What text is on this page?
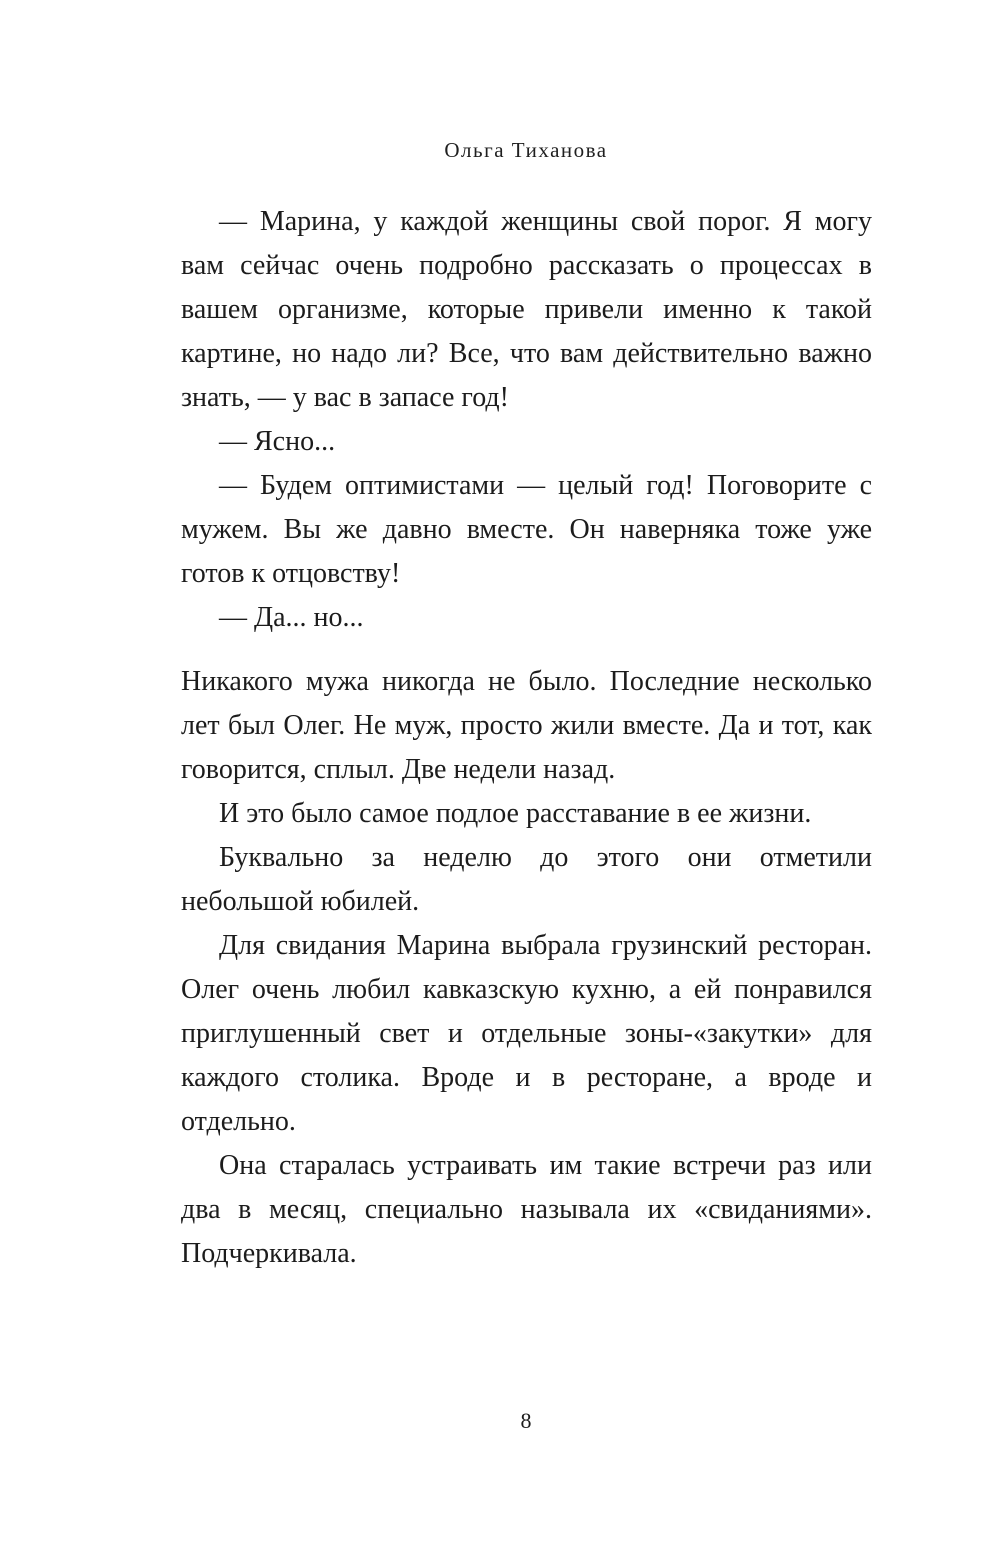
Ольга Тиханова

— Марина, у каждой женщины свой порог. Я могу вам сейчас очень подробно рассказать о процессах в вашем организме, которые привели именно к такой картине, но надо ли? Все, что вам действительно важно знать, — у вас в запасе год!

— Ясно...

— Будем оптимистами — целый год! Поговорите с мужем. Вы же давно вместе. Он наверняка тоже уже готов к отцовству!

— Да... но...

Никакого мужа никогда не было. Последние несколько лет был Олег. Не муж, просто жили вместе. Да и тот, как говорится, сплыл. Две недели назад.

И это было самое подлое расставание в ее жизни.

Буквально за неделю до этого они отметили небольшой юбилей.

Для свидания Марина выбрала грузинский ресторан. Олег очень любил кавказскую кухню, а ей понравился приглушенный свет и отдельные зоны-«закутки» для каждого столика. Вроде и в ресторане, а вроде и отдельно.

Она старалась устраивать им такие встречи раз или два в месяц, специально называла их «свиданиями». Подчеркивала.

8
